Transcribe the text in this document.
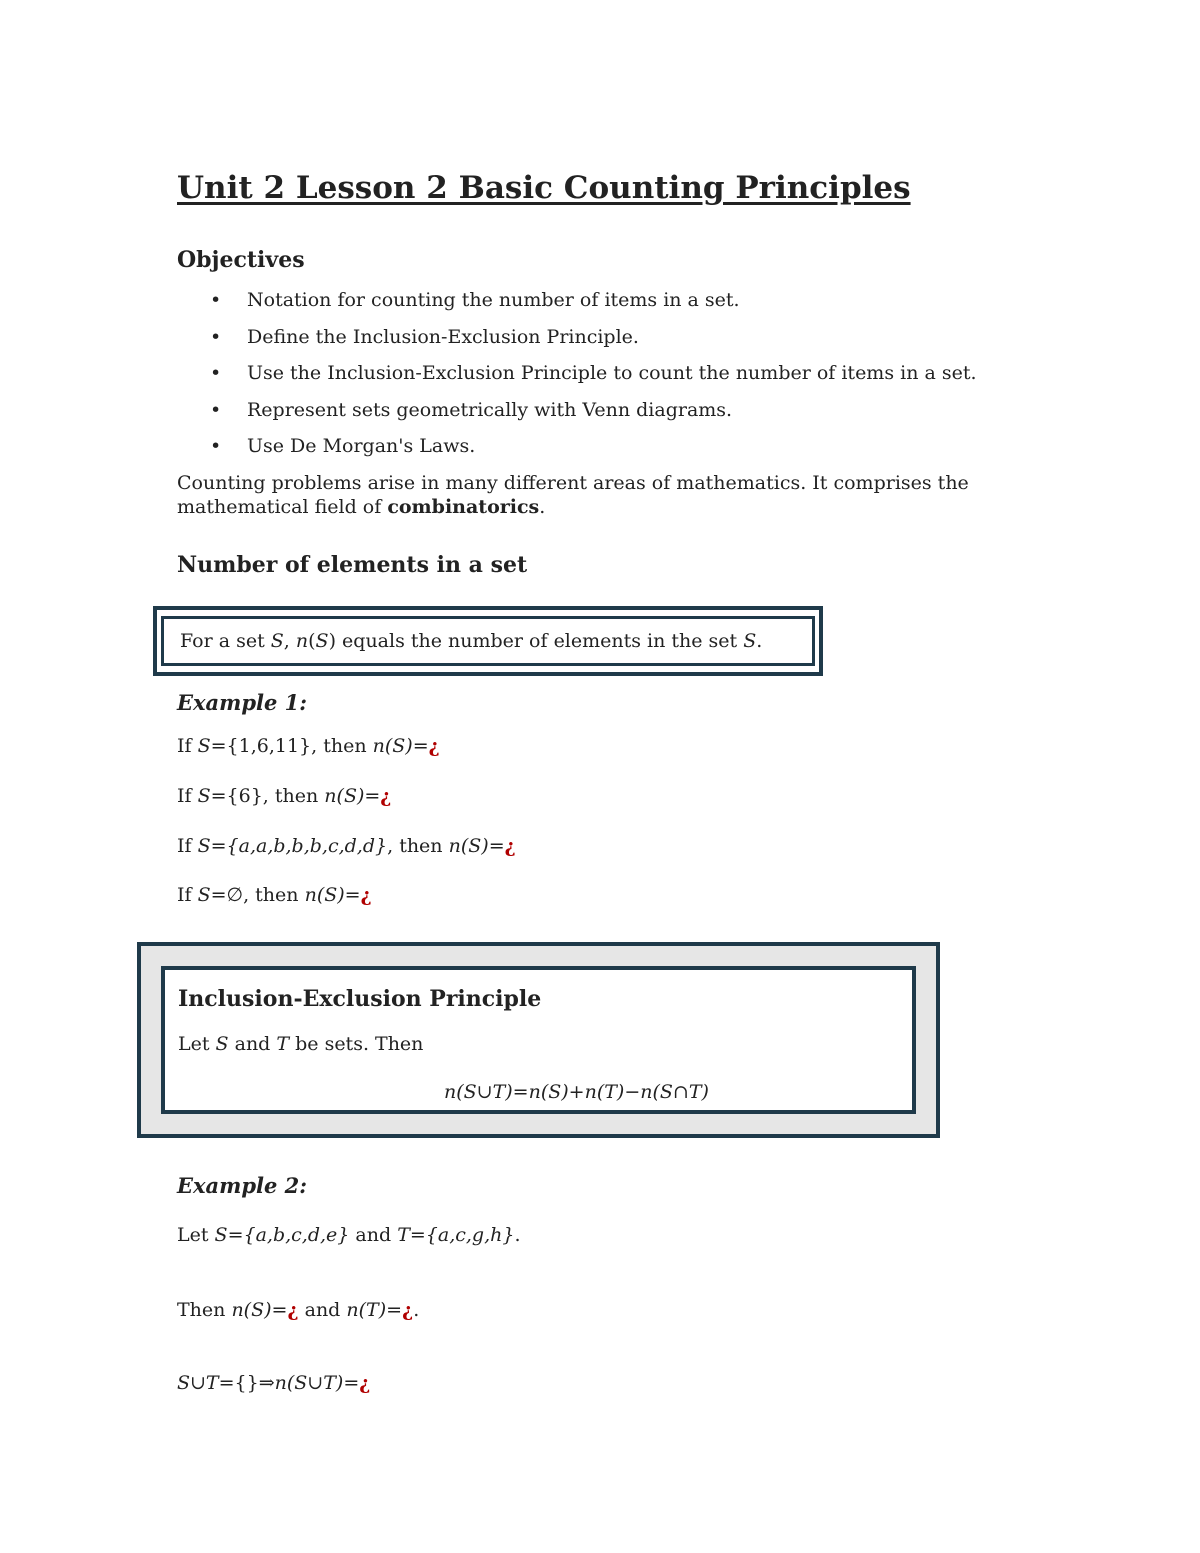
Unit 2 Lesson 2 Basic Counting Principles
Objectives
• Notation for counting the number of items in a set.
• Define the Inclusion-Exclusion Principle.
• Use the Inclusion-Exclusion Principle to count the number of items in a set.
• Represent sets geometrically with Venn diagrams.
• Use De Morgan's Laws.
Counting problems arise in many different areas of mathematics. It comprises the
mathematical field of combinatorics.
Number of elements in a set
For a set S, n(S) equals the number of elements in the set S.
Example 1:
If S={1,6,11}, then n(S)=¿
If S={6}, then n(S)=¿
If S={a,a,b,b,b,c,d,d}, then n(S)=¿
If S=∅, then n(S)=¿
Inclusion-Exclusion Principle
Let S and T be sets. Then
n(S∪T)=n(S)+n(T)−n(S∩T)
Example 2:
Let S={a,b,c,d,e} and T={a,c,g,h}.
Then n(S)=¿ and n(T)=¿.
S∪T={}⇒n(S∪T)=¿
